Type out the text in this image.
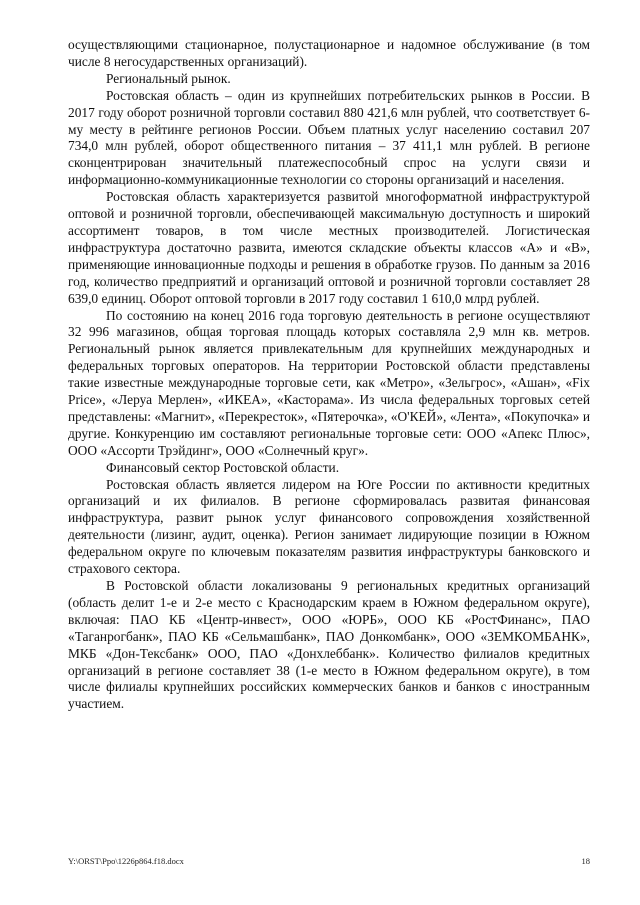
осуществляющими стационарное, полустационарное и надомное обслуживание (в том числе 8 негосударственных организаций).

Региональный рынок.

Ростовская область – один из крупнейших потребительских рынков в России. В 2017 году оборот розничной торговли составил 880 421,6 млн рублей, что соответствует 6-му месту в рейтинге регионов России. Объем платных услуг населению составил 207 734,0 млн рублей, оборот общественного питания – 37 411,1 млн рублей. В регионе сконцентрирован значительный платежеспособный спрос на услуги связи и информационно-коммуникационные технологии со стороны организаций и населения.

Ростовская область характеризуется развитой многоформатной инфраструктурой оптовой и розничной торговли, обеспечивающей максимальную доступность и широкий ассортимент товаров, в том числе местных производителей. Логистическая инфраструктура достаточно развита, имеются складские объекты классов «А» и «В», применяющие инновационные подходы и решения в обработке грузов. По данным за 2016 год, количество предприятий и организаций оптовой и розничной торговли составляет 28 639,0 единиц. Оборот оптовой торговли в 2017 году составил 1 610,0 млрд рублей.

По состоянию на конец 2016 года торговую деятельность в регионе осуществляют 32 996 магазинов, общая торговая площадь которых составляла 2,9 млн кв. метров. Региональный рынок является привлекательным для крупнейших международных и федеральных торговых операторов. На территории Ростовской области представлены такие известные международные торговые сети, как «Метро», «Зельгрос», «Ашан», «Fix Price», «Леруа Мерлен», «ИКЕА», «Касторама». Из числа федеральных торговых сетей представлены: «Магнит», «Перекресток», «Пятерочка», «О'КЕЙ», «Лента», «Покупочка» и другие. Конкуренцию им составляют региональные торговые сети: ООО «Апекс Плюс», ООО «Ассорти Трэйдинг», ООО «Солнечный круг».

Финансовый сектор Ростовской области.

Ростовская область является лидером на Юге России по активности кредитных организаций и их филиалов. В регионе сформировалась развитая финансовая инфраструктура, развит рынок услуг финансового сопровождения хозяйственной деятельности (лизинг, аудит, оценка). Регион занимает лидирующие позиции в Южном федеральном округе по ключевым показателям развития инфраструктуры банковского и страхового сектора.

В Ростовской области локализованы 9 региональных кредитных организаций (область делит 1-е и 2-е место с Краснодарским краем в Южном федеральном округе), включая: ПАО КБ «Центр-инвест», ООО «ЮРБ», ООО КБ «РостФинанс», ПАО «Таганрогбанк», ПАО КБ «Сельмашбанк», ПАО Донкомбанк», ООО «ЗЕМКОМБАНК», МКБ «Дон-Тексбанк» ООО, ПАО «Донхлеббанк». Количество филиалов кредитных организаций в регионе составляет 38 (1-е место в Южном федеральном округе), в том числе филиалы крупнейших российских коммерческих банков и банков с иностранным участием.

Y:\ORST\Ppo\1226p864.f18.docx	18
